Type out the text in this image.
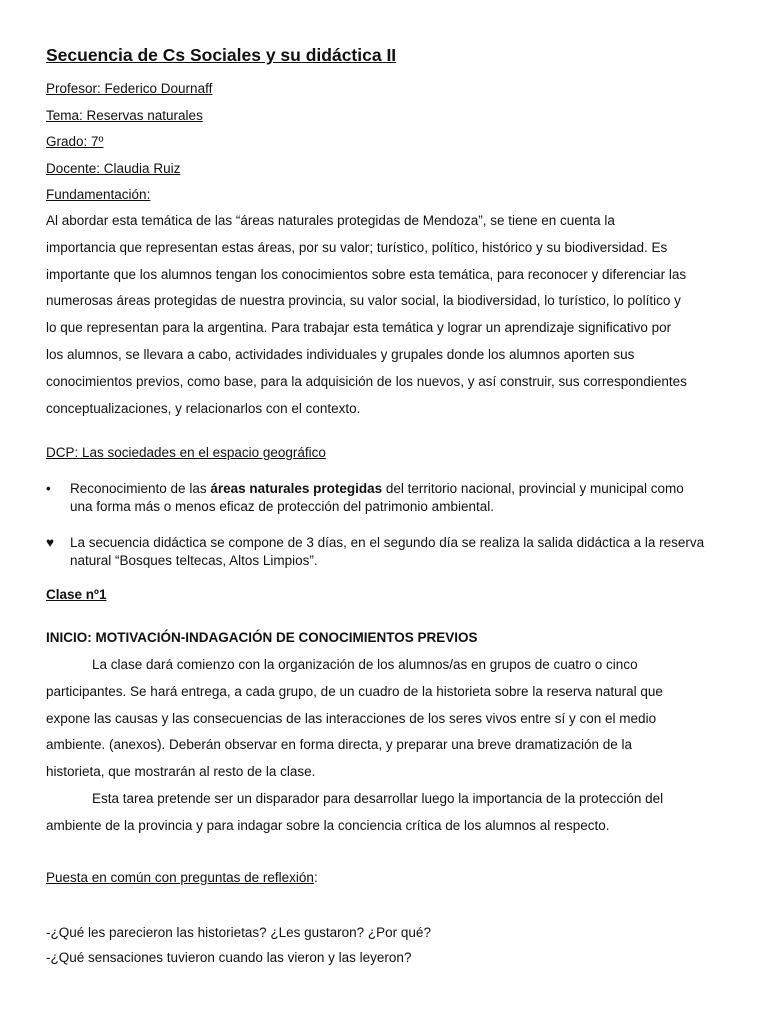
Secuencia de Cs Sociales y su didáctica II
Profesor: Federico Dournaff
Tema: Reservas naturales
Grado: 7º
Docente: Claudia Ruiz
Fundamentación:
Al abordar esta temática de las “áreas naturales protegidas de Mendoza”, se tiene en cuenta la
importancia que representan estas áreas, por su valor; turístico, político, histórico y su biodiversidad. Es
importante que los alumnos tengan los conocimientos sobre esta temática, para reconocer y diferenciar las
numerosas áreas protegidas de nuestra provincia, su valor social, la biodiversidad, lo turístico, lo político y
lo que representan para la argentina. Para trabajar esta temática y lograr un aprendizaje significativo por
los alumnos, se llevara a cabo, actividades individuales y grupales donde los alumnos aporten sus
conocimientos previos, como base, para la adquisición de los nuevos, y así construir, sus correspondientes
conceptualizaciones, y relacionarlos con el contexto.
DCP: Las sociedades en el espacio geográfico
•	Reconocimiento de las áreas naturales protegidas del territorio nacional, provincial y municipal como
una forma más o menos eficaz de protección del patrimonio ambiental.
♥	La secuencia didáctica se compone de 3 días, en el segundo día se realiza la salida didáctica a la reserva
natural “Bosques teltecas, Altos Limpios”.
Clase nº1
INICIO: MOTIVACIÓN-INDAGACIÓN DE CONOCIMIENTOS PREVIOS
La clase dará comienzo con la organización de los alumnos/as en grupos de cuatro o cinco
participantes. Se hará entrega, a cada grupo, de un cuadro de la historieta sobre la reserva natural que
expone las causas y las consecuencias de las interacciones de los seres vivos entre sí y con el medio
ambiente. (anexos). Deberán observar en forma directa, y preparar una breve dramatización de la
historieta, que mostrarán al resto de la clase.
Esta tarea pretende ser un disparador para desarrollar luego la importancia de la protección del
ambiente de la provincia y para indagar sobre la conciencia crítica de los alumnos al respecto.
Puesta en común con preguntas de reflexión:
-¿Qué les parecieron las historietas? ¿Les gustaron? ¿Por qué?
-¿Qué sensaciones tuvieron cuando las vieron y las leyeron?
